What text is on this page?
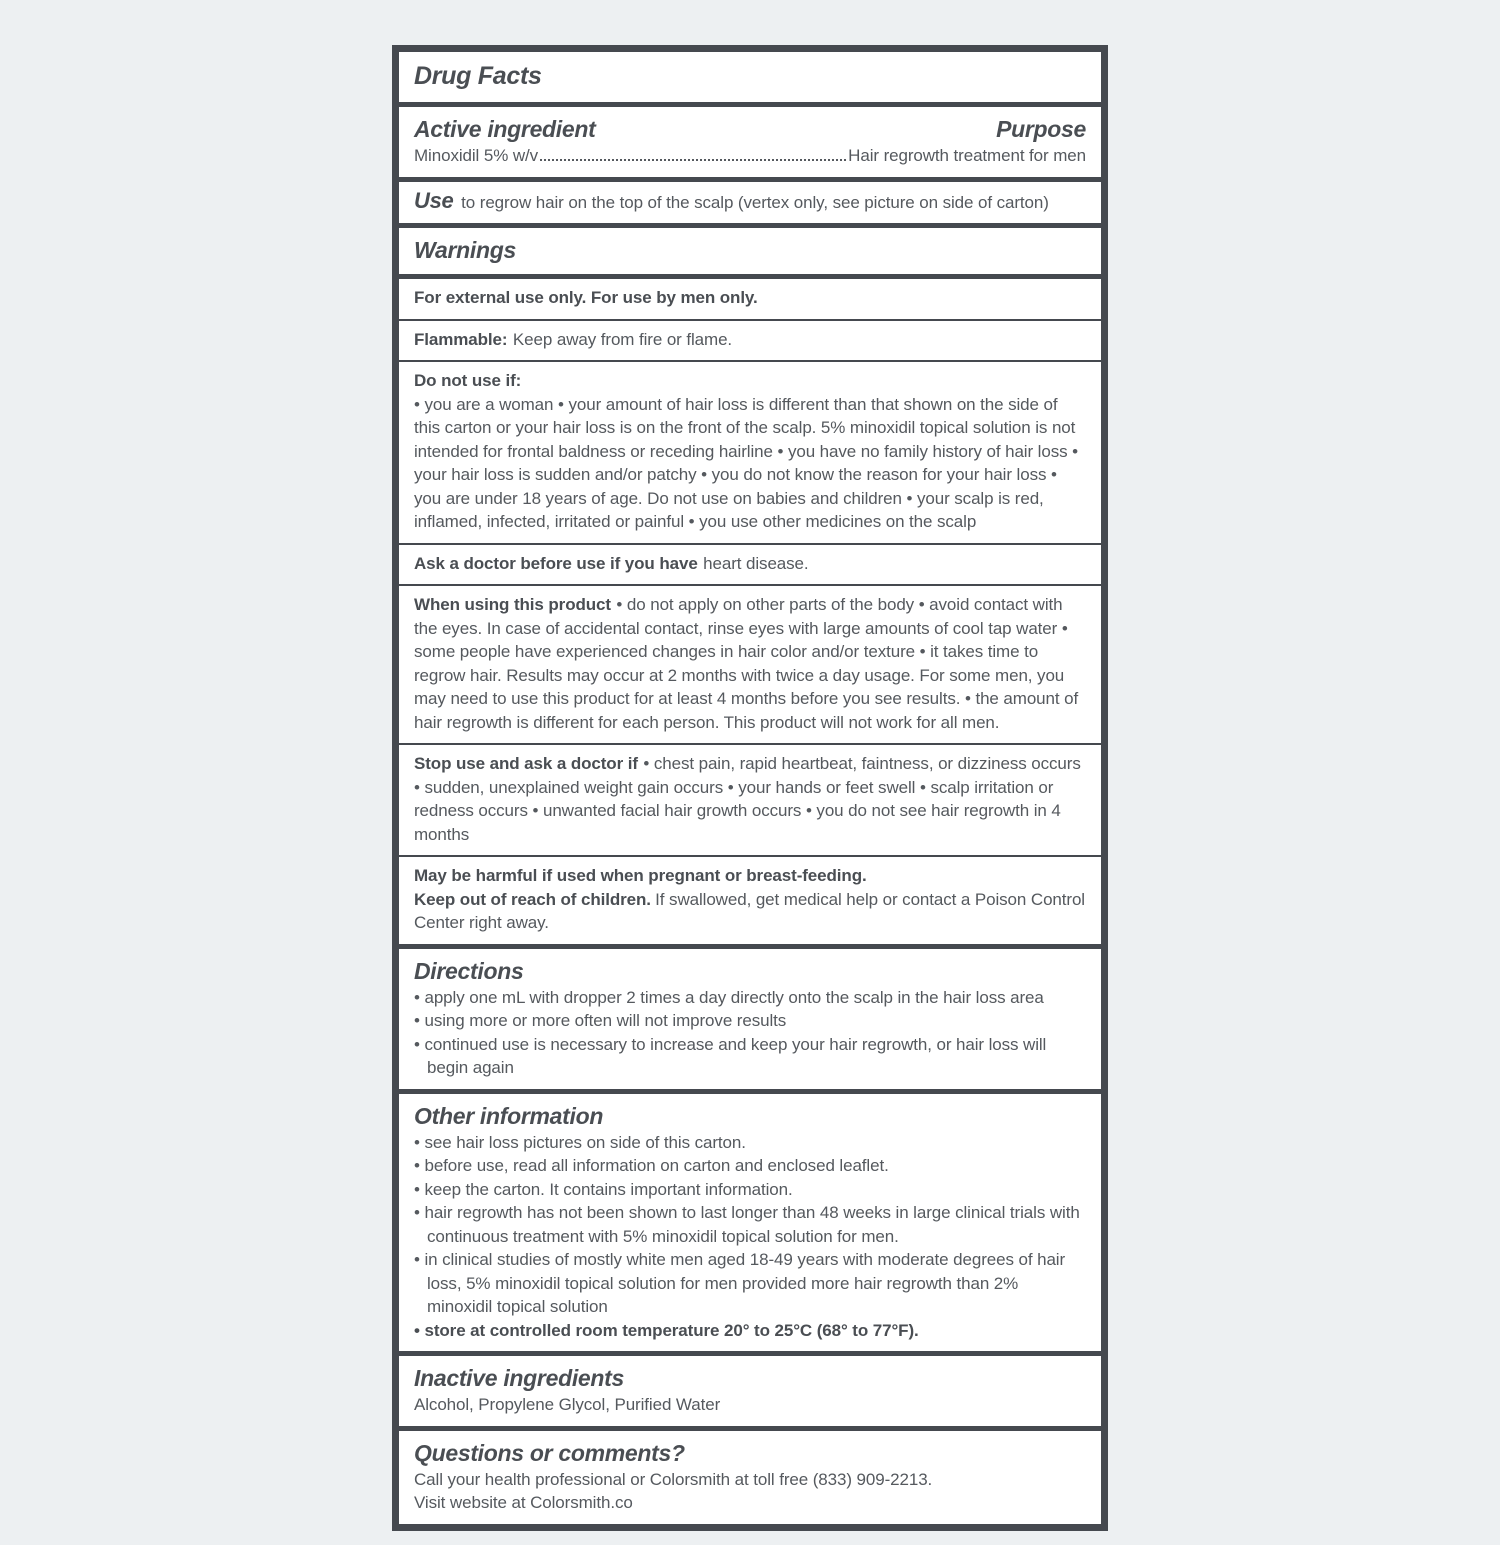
Drug Facts
Active ingredient	Purpose
Minoxidil 5% w/v	Hair regrowth treatment for men

Use to regrow hair on the top of the scalp (vertex only, see picture on side of carton)

Warnings

For external use only. For use by men only.

Flammable: Keep away from fire or flame.

Do not use if:

• you are a woman • your amount of hair loss is different than that shown on the side of this carton or your hair loss is on the front of the scalp. 5% minoxidil topical solution is not intended for frontal baldness or receding hairline • you have no family history of hair loss • your hair loss is sudden and/or patchy • you do not know the reason for your hair loss • you are under 18 years of age. Do not use on babies and children • your scalp is red, inflamed, infected, irritated or painful • you use other medicines on the scalp

Ask a doctor before use if you have heart disease.

When using this product • do not apply on other parts of the body • avoid contact with the eyes. In case of accidental contact, rinse eyes with large amounts of cool tap water • some people have experienced changes in hair color and/or texture • it takes time to regrow hair. Results may occur at 2 months with twice a day usage. For some men, you may need to use this product for at least 4 months before you see results. • the amount of hair regrowth is different for each person. This product will not work for all men.

Stop use and ask a doctor if • chest pain, rapid heartbeat, faintness, or dizziness occurs • sudden, unexplained weight gain occurs • your hands or feet swell • scalp irritation or redness occurs • unwanted facial hair growth occurs • you do not see hair regrowth in 4 months

May be harmful if used when pregnant or breast-feeding.

Keep out of reach of children. If swallowed, get medical help or contact a Poison Control Center right away.

Directions

• apply one mL with dropper 2 times a day directly onto the scalp in the hair loss area

• using more or more often will not improve results

• continued use is necessary to increase and keep your hair regrowth, or hair loss will begin again

Other information

• see hair loss pictures on side of this carton.

• before use, read all information on carton and enclosed leaflet.

• keep the carton. It contains important information.

• hair regrowth has not been shown to last longer than 48 weeks in large clinical trials with continuous treatment with 5% minoxidil topical solution for men.

• in clinical studies of mostly white men aged 18-49 years with moderate degrees of hair loss, 5% minoxidil topical solution for men provided more hair regrowth than 2% minoxidil topical solution

• store at controlled room temperature 20° to 25°C (68° to 77°F).

Inactive ingredients

Alcohol, Propylene Glycol, Purified Water

Questions or comments?

Call your health professional or Colorsmith at toll free (833) 909-2213.

Visit website at Colorsmith.co
